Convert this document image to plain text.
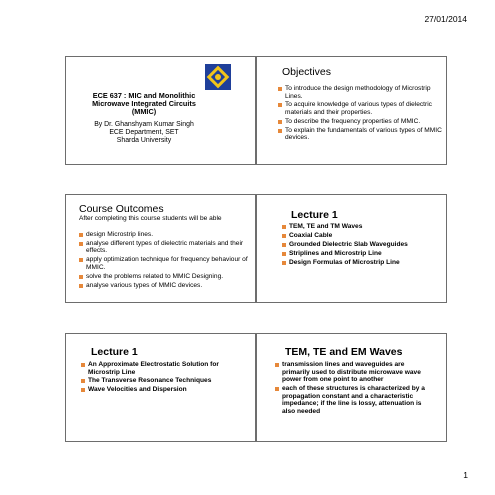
27/01/2014
ECE 637 : MIC and Monolithic Microwave Integrated Circuits (MMIC)
By Dr. Ghanshyam Kumar Singh
ECE Department, SET
Sharda University
Objectives
To introduce the design methodology of Microstrip Lines.
To acquire knowledge of various types of dielectric materials and their properties.
To describe the frequency properties of MMIC.
To explain the fundamentals of various types of MMIC devices.
Course Outcomes
After completing this course students will be able
design Microstrip lines.
analyse different types of dielectric materials and their effects.
apply optimization technique for frequency behaviour of MMIC.
solve the problems related to MMIC Designing.
analyse various types of MMIC devices.
Lecture 1
TEM, TE and TM Waves
Coaxial Cable
Grounded Dielectric Slab Waveguides
Striplines and Microstrip Line
Design Formulas of Microstrip Line
Lecture 1
An Approximate Electrostatic Solution for Microstrip Line
The Transverse Resonance Techniques
Wave Velocities and Dispersion
TEM, TE and EM Waves
transmission lines and waveguides are primarily used to distribute microwave wave power from one point to another
each of these structures is characterized by a propagation constant and a characteristic impedance; if the line is lossy, attenuation is also needed
1
